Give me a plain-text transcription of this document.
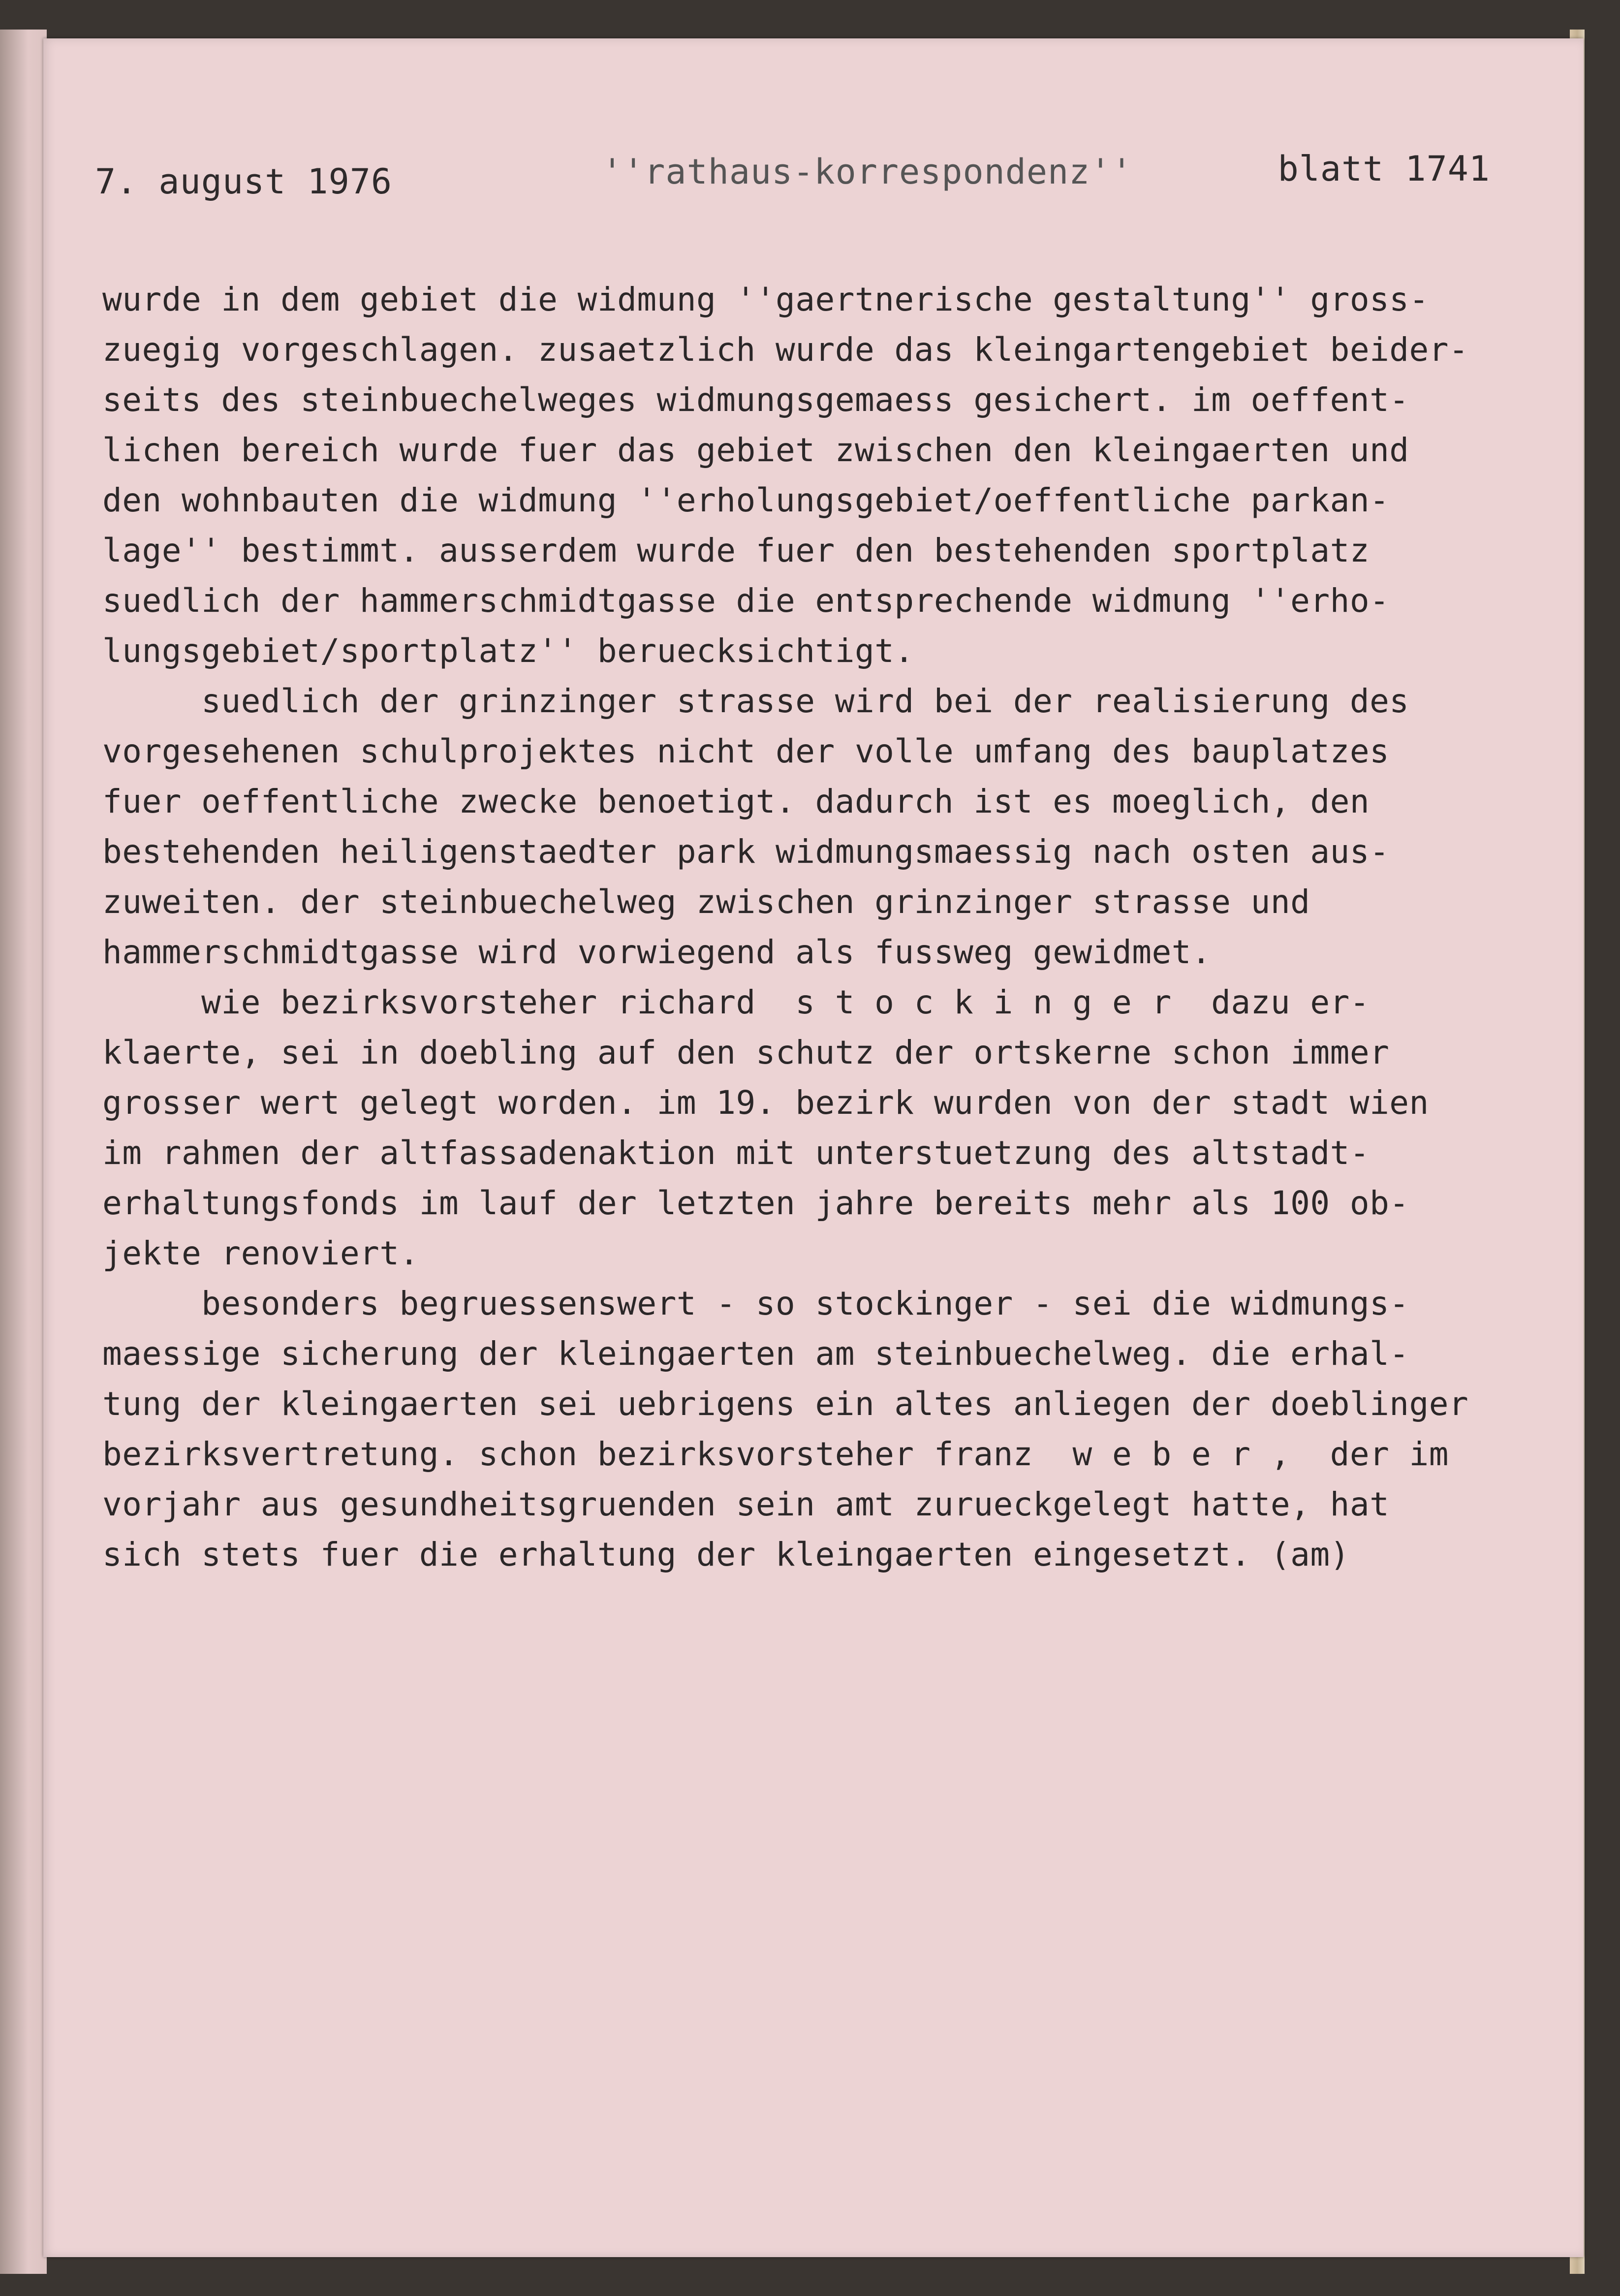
7. august 1976	''rathaus-korrespondenz''	blatt 1741
wurde in dem gebiet die widmung ''gaertnerische gestaltung'' gross-
zuegig vorgeschlagen. zusaetzlich wurde das kleingartengebiet beider-
seits des steinbuechelweges widmungsgemaess gesichert. im oeffent-
lichen bereich wurde fuer das gebiet zwischen den kleingaerten und
den wohnbauten die widmung ''erholungsgebiet/oeffentliche parkan-
lage'' bestimmt. ausserdem wurde fuer den bestehenden sportplatz
suedlich der hammerschmidtgasse die entsprechende widmung ''erho-
lungsgebiet/sportplatz'' beruecksichtigt.
suedlich der grinzinger strasse wird bei der realisierung des
vorgesehenen schulprojektes nicht der volle umfang des bauplatzes
fuer oeffentliche zwecke benoetigt. dadurch ist es moeglich, den
bestehenden heiligenstaedter park widmungsmaessig nach osten aus-
zuweiten. der steinbuechelweg zwischen grinzinger strasse und
hammerschmidtgasse wird vorwiegend als fussweg gewidmet.
wie bezirksvorsteher richard  s t o c k i n g e r  dazu er-
klaerte, sei in doebling auf den schutz der ortskerne schon immer
grosser wert gelegt worden. im 19. bezirk wurden von der stadt wien
im rahmen der altfassadenaktion mit unterstuetzung des altstadt-
erhaltungsfonds im lauf der letzten jahre bereits mehr als 100 ob-
jekte renoviert.
besonders begruessenswert - so stockinger - sei die widmungs-
maessige sicherung der kleingaerten am steinbuechelweg. die erhal-
tung der kleingaerten sei uebrigens ein altes anliegen der doeblinger
bezirksvertretung. schon bezirksvorsteher franz  w e b e r ,  der im
vorjahr aus gesundheitsgruenden sein amt zurueckgelegt hatte, hat
sich stets fuer die erhaltung der kleingaerten eingesetzt. (am)
